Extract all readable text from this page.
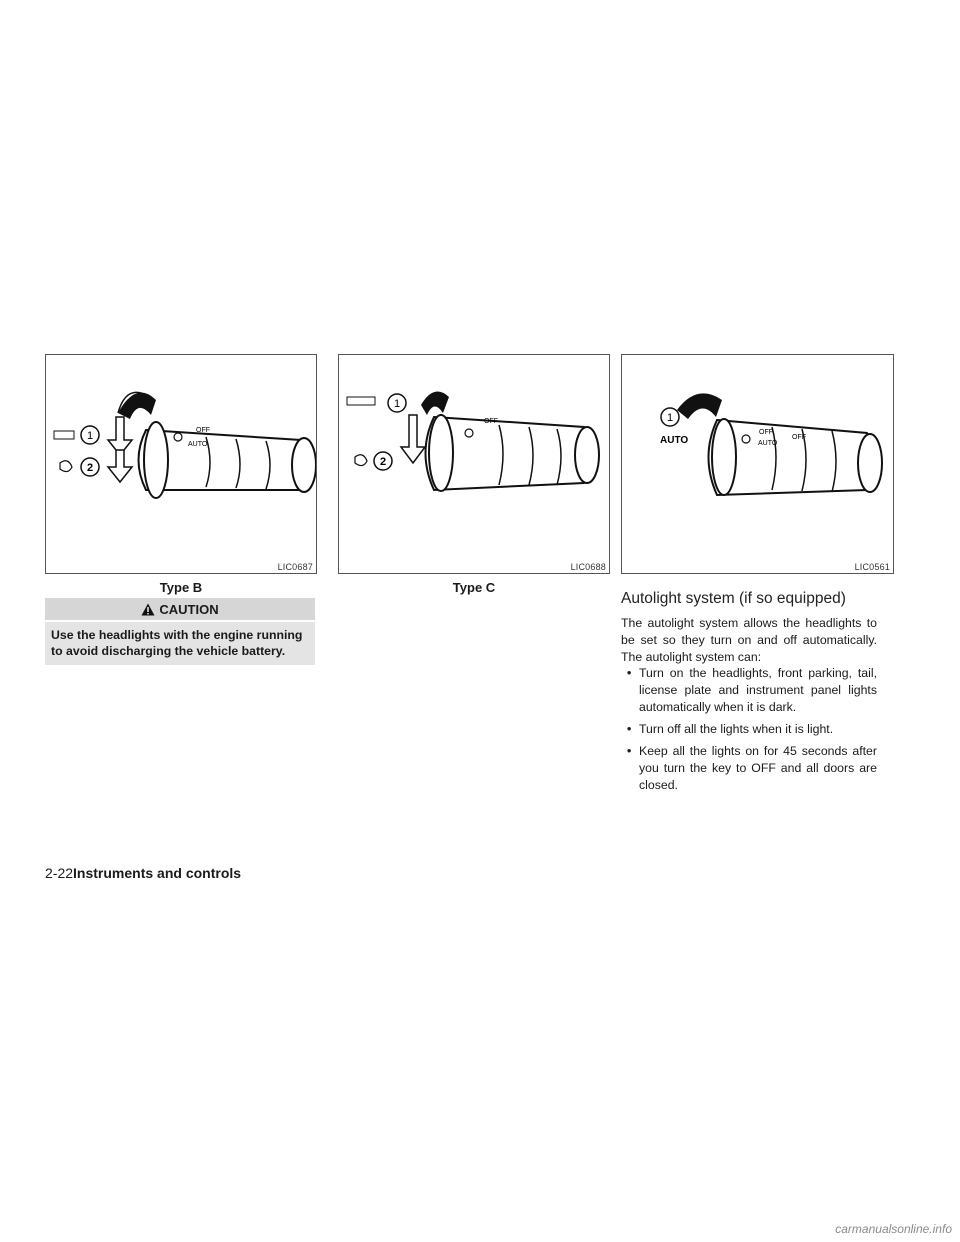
1
2
OFF
AUTO
LIC0687
Type B
1
2
OFF
LIC0688
Type C
1
AUTO
OFF
AUTO
OFF
LIC0561
CAUTION
Use the headlights with the engine running to avoid discharging the vehicle battery.
Autolight system (if so equipped)
The autolight system allows the headlights to be set so they turn on and off automatically. The autolight system can:
• Turn on the headlights, front parking, tail, license plate and instrument panel lights automatically when it is dark.
• Turn off all the lights when it is light.
• Keep all the lights on for 45 seconds after you turn the key to OFF and all doors are closed.
2-22Instruments and controls
carmanualsonline.info
